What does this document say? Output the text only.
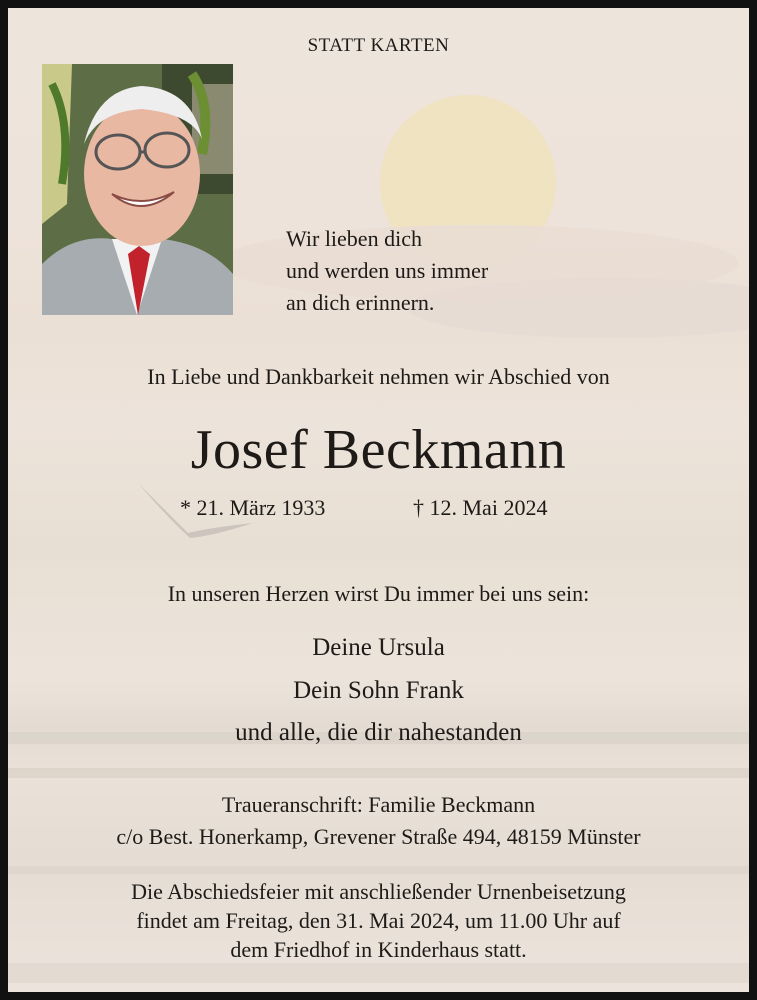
STATT KARTEN
Wir lieben dich
und werden uns immer
an dich erinnern.
In Liebe und Dankbarkeit nehmen wir Abschied von
Josef Beckmann
* 21. März 1933	† 12. Mai 2024
In unseren Herzen wirst Du immer bei uns sein:
Deine Ursula
Dein Sohn Frank
und alle, die dir nahestanden
Traueranschrift: Familie Beckmann
c/o Best. Honerkamp, Grevener Straße 494, 48159 Münster
Die Abschiedsfeier mit anschließender Urnenbeisetzung
findet am Freitag, den 31. Mai 2024, um 11.00 Uhr auf
dem Friedhof in Kinderhaus statt.
